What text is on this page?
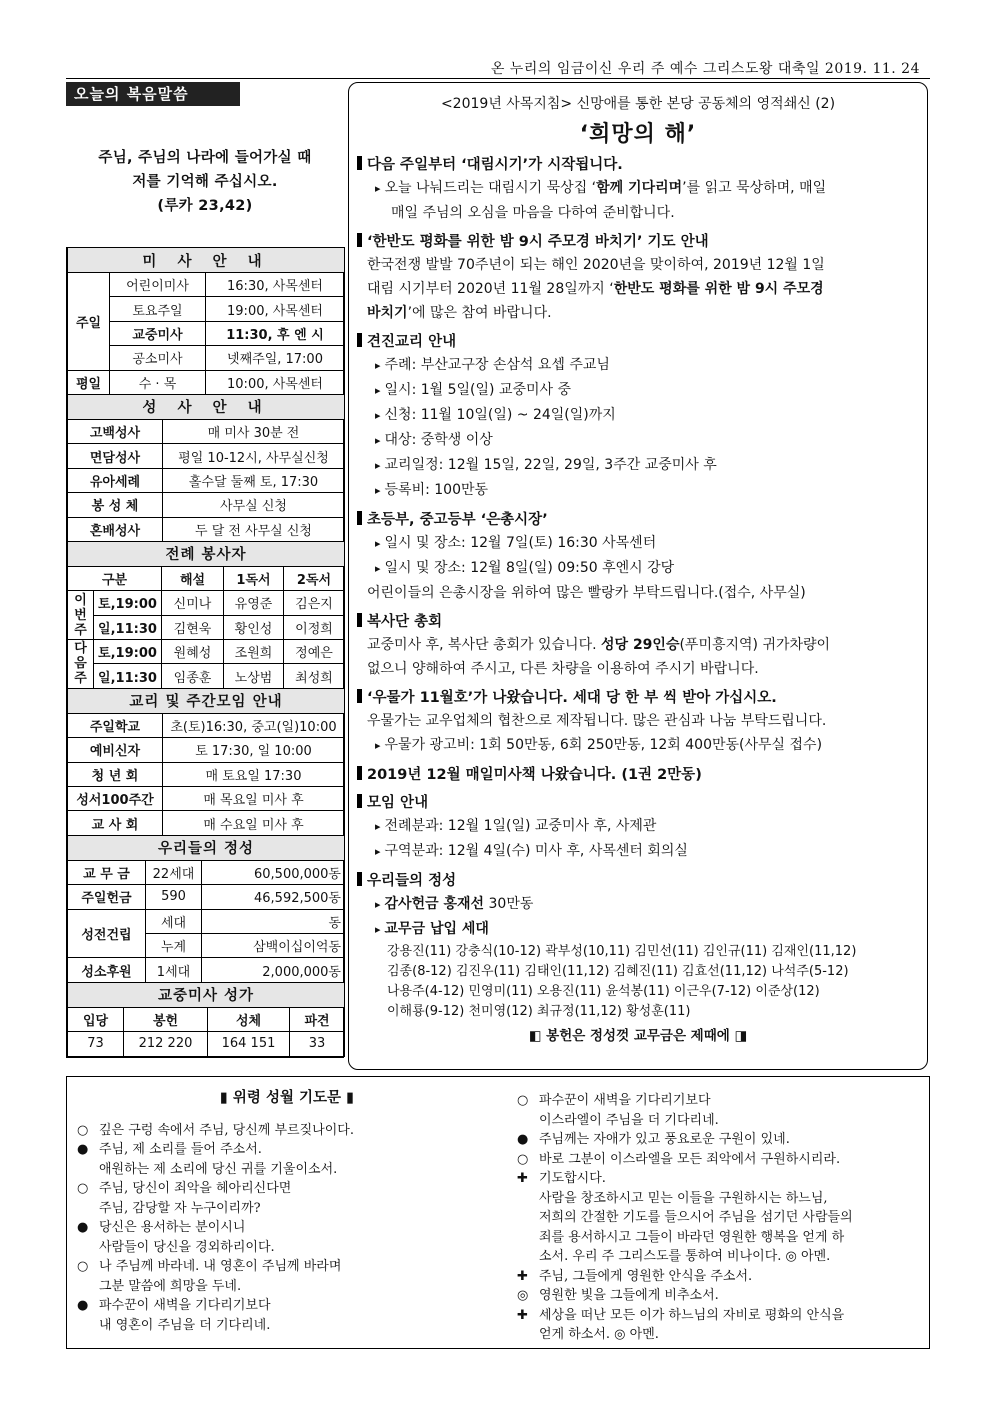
온 누리의 임금이신 우리 주 예수 그리스도왕 대축일 2019. 11. 24
오늘의 복음말씀
주님, 주님의 나라에 들어가실 때
저를 기억해 주십시오.
(루카 23,42)
미 사 안 내		
주일	어린이미사	16:30, 사목센터
	토요주일	19:00, 사목센터
	교중미사	11:30, 후 엔 시
	공소미사	넷째주일, 17:00
평일	수 · 목	10:00, 사목센터
성 사 안 내	
고백성사	매 미사 30분 전
면담성사	평일 10-12시, 사무실신청
유아세례	홀수달 둘째 토, 17:30
봉 성 체	사무실 신청
혼배성사	두 달 전 사무실 신청
전례 봉사자				
구분		해설	1독서	2독서
이번주	토,19:00	신미나	유영준	김은지
	일,11:30	김현욱	황인성	이정희
다음주	토,19:00	원혜성	조원희	정예은
	일,11:30	임종훈	노상범	최성희
교리 및 주간모임 안내	
주일학교	초(토)16:30, 중고(일)10:00
예비신자	토 17:30, 일 10:00
청 년 회	매 토요일 17:30
성서100주간	매 목요일 미사 후
교 사 회	매 수요일 미사 후
우리들의 정성		
교 무 금	22세대	60,500,000동
주일헌금	590	46,592,500동
성전건립	세대	동
	누계	삼백이십이억동
성소후원	1세대	2,000,000동
교중미사 성가			
입당	봉헌	성체	파견
73	212 220	164 151	33
<2019년 사목지침> 신망애를 통한 본당 공동체의 영적쇄신 (2)
‘희망의 해’
다음 주일부터 ‘대림시기’가 시작됩니다.
▸ 오늘 나눠드리는 대림시기 묵상집 ‘함께 기다리며’를 읽고 묵상하며, 매일
매일 주님의 오심을 마음을 다하여 준비합니다.
‘한반도 평화를 위한 밤 9시 주모경 바치기’ 기도 안내
한국전쟁 발발 70주년이 되는 해인 2020년을 맞이하여, 2019년 12월 1일
대림 시기부터 2020년 11월 28일까지 ‘한반도 평화를 위한 밤 9시 주모경
바치기’에 많은 참여 바랍니다.
견진교리 안내
▸ 주례: 부산교구장 손삼석 요셉 주교님
▸ 일시: 1월 5일(일) 교중미사 중
▸ 신청: 11월 10일(일) ~ 24일(일)까지
▸ 대상: 중학생 이상
▸ 교리일정: 12월 15일, 22일, 29일, 3주간 교중미사 후
▸ 등록비: 100만동
초등부, 중고등부 ‘은총시장’
▸ 일시 및 장소: 12월 7일(토) 16:30 사목센터
▸ 일시 및 장소: 12월 8일(일) 09:50 후엔시 강당
어린이들의 은총시장을 위하여 많은 빨랑카 부탁드립니다.(접수, 사무실)
복사단 총회
교중미사 후, 복사단 총회가 있습니다. 성당 29인승(푸미흥지역) 귀가차량이
없으니 양해하여 주시고, 다른 차량을 이용하여 주시기 바랍니다.
‘우물가 11월호’가 나왔습니다. 세대 당 한 부 씩 받아 가십시오.
우물가는 교우업체의 협찬으로 제작됩니다. 많은 관심과 나눔 부탁드립니다.
▸ 우물가 광고비: 1회 50만동, 6회 250만동, 12회 400만동(사무실 접수)
2019년 12월 매일미사책 나왔습니다. (1권 2만동)
모임 안내
▸ 전례분과: 12월 1일(일) 교중미사 후, 사제관
▸ 구역분과: 12월 4일(수) 미사 후, 사목센터 회의실
우리들의 정성
▸ 감사헌금 홍재선 30만동
▸ 교무금 납입 세대
강용진(11) 강충식(10-12) 곽부성(10,11) 김민선(11) 김인규(11) 김재인(11,12)
김종(8-12) 김진우(11) 김태인(11,12) 김혜진(11) 김효선(11,12) 나석주(5-12)
나용주(4-12) 민영미(11) 오용진(11) 윤석봉(11) 이근우(7-12) 이준상(12)
이해룡(9-12) 천미영(12) 최규정(11,12) 황성훈(11)
◧ 봉헌은 정성껏 교무금은 제때에 ◨
▮ 위령 성월 기도문 ▮
○ 깊은 구렁 속에서 주님, 당신께 부르짖나이다.
● 주님, 제 소리를 들어 주소서.
애원하는 제 소리에 당신 귀를 기울이소서.
○ 주님, 당신이 죄악을 헤아리신다면
주님, 감당할 자 누구이리까?
● 당신은 용서하는 분이시니
사람들이 당신을 경외하리이다.
○ 나 주님께 바라네. 내 영혼이 주님께 바라며
그분 말씀에 희망을 두네.
● 파수꾼이 새벽을 기다리기보다
내 영혼이 주님을 더 기다리네.
○ 파수꾼이 새벽을 기다리기보다
이스라엘이 주님을 더 기다리네.
● 주님께는 자애가 있고 풍요로운 구원이 있네.
○ 바로 그분이 이스라엘을 모든 죄악에서 구원하시리라.
✚ 기도합시다.
사람을 창조하시고 믿는 이들을 구원하시는 하느님,
저희의 간절한 기도를 들으시어 주님을 섬기던 사람들의
죄를 용서하시고 그들이 바라던 영원한 행복을 얻게 하
소서. 우리 주 그리스도를 통하여 비나이다. ◎ 아멘.
✚ 주님, 그들에게 영원한 안식을 주소서.
◎ 영원한 빛을 그들에게 비추소서.
✚ 세상을 떠난 모든 이가 하느님의 자비로 평화의 안식을
얻게 하소서. ◎ 아멘.
